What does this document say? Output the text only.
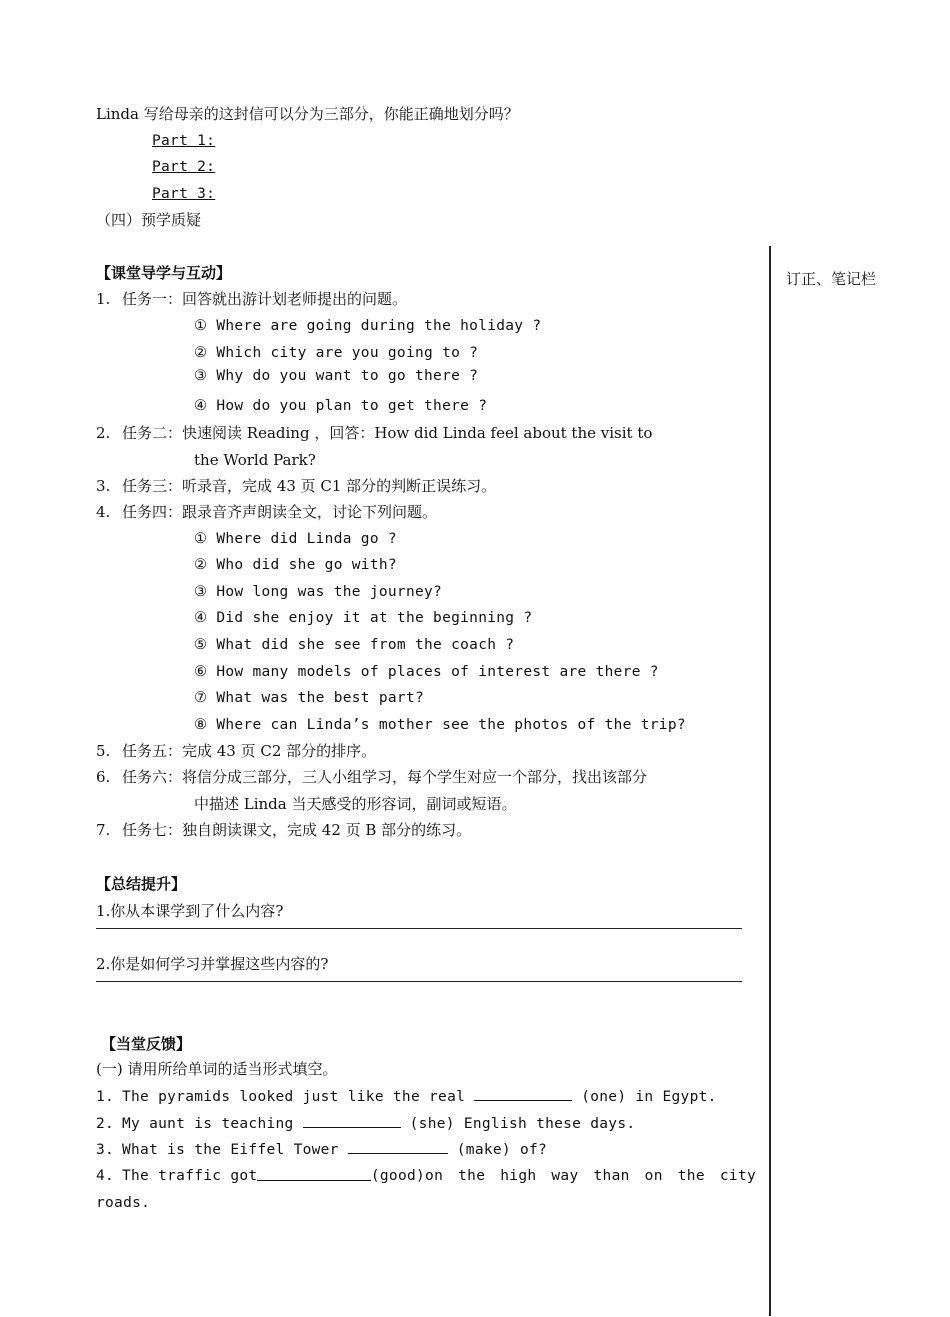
Linda 写给母亲的这封信可以分为三部分，你能正确地划分吗？
Part 1:
Part 2:
Part 3:
（四）预学质疑
订正、笔记栏
【课堂导学与互动】
1. 任务一：回答就出游计划老师提出的问题。
① Where are going during the holiday ?
② Which city are you going to ?
③ Why do you want to go there ?
④ How do you plan to get there ?
2. 任务二：快速阅读 Reading ，回答：How did Linda feel about the visit to
the World Park?
3. 任务三：听录音，完成 43 页 C1 部分的判断正误练习。
4. 任务四：跟录音齐声朗读全文，讨论下列问题。
① Where did Linda go ?
② Who did she go with?
③ How long was the journey?
④ Did she enjoy it at the beginning ?
⑤ What did she see from the coach ?
⑥ How many models of places of interest are there ?
⑦ What was the best part?
⑧ Where can Linda’s mother see the photos of the trip?
5. 任务五：完成 43 页 C2 部分的排序。
6. 任务六：将信分成三部分，三人小组学习，每个学生对应一个部分，找出该部分
中描述 Linda 当天感受的形容词，副词或短语。
7. 任务七：独自朗读课文，完成 42 页 B 部分的练习。
【总结提升】
1.你从本课学到了什么内容?
2.你是如何学习并掌握这些内容的?
【当堂反馈】
(一) 请用所给单词的适当形式填空。
1. The pyramids looked just like the real	(one) in Egypt.
2. My aunt is teaching	(she) English these days.
3. What is the Eiffel Tower	(make) of?
4. The traffic got	(good) on the high way than on the city
roads.
